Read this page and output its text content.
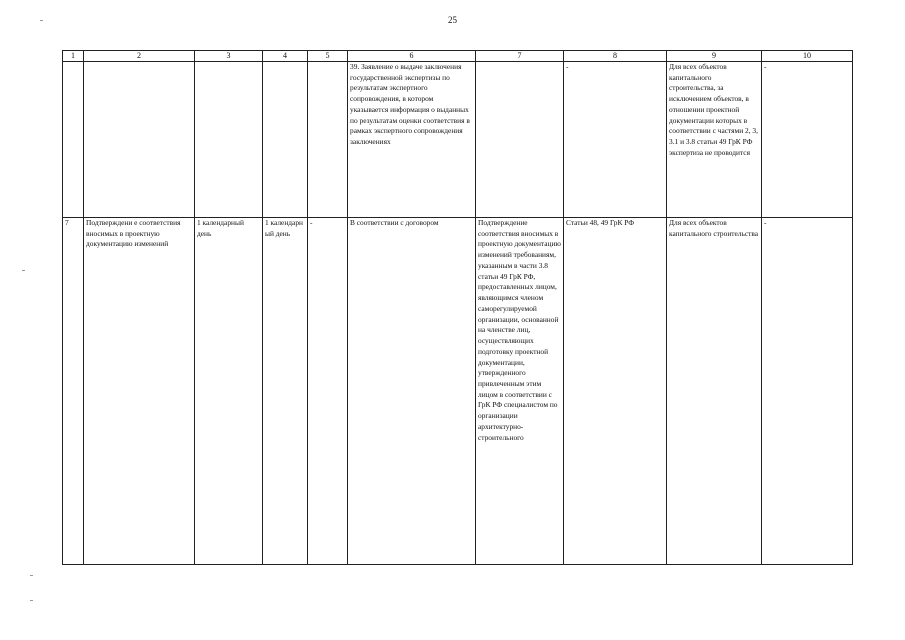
25
1	2	3	4	5	6	7	8	9	10
					39. Заявление о выдаче заключения государственной экспертизы по результатам экспертного сопровождения, в котором указывается информация о выданных по результатам оценки соответствия в рамках экспертного сопровождения заключениях		-	Для всех объектов капитального строительства, за исключением объектов, в отношении проектной документации которых в соответствии с частями 2, 3, 3.1 и 3.8 статьи 49 ГрК РФ экспертиза не проводится	-
7	Подтверждени е соответствия вносимых в проектную документацию изменений	1 календарный день	1 календарн ый день	-	В соответствии с договором	Подтверждение соответствия вносимых в проектную документацию изменений требованиям, указанным в части 3.8 статьи 49 ГрК РФ, предоставленных лицом, являющимся членом саморегулируемой организации, основанной на членстве лиц, осуществляющих подготовку проектной документации, утвержденного привлеченным этим лицом в соответствии с ГрК РФ специалистом по организации архитектурно-строительного	Статьи 48, 49 ГрК РФ	Для всех объектов капитального строительства	-
